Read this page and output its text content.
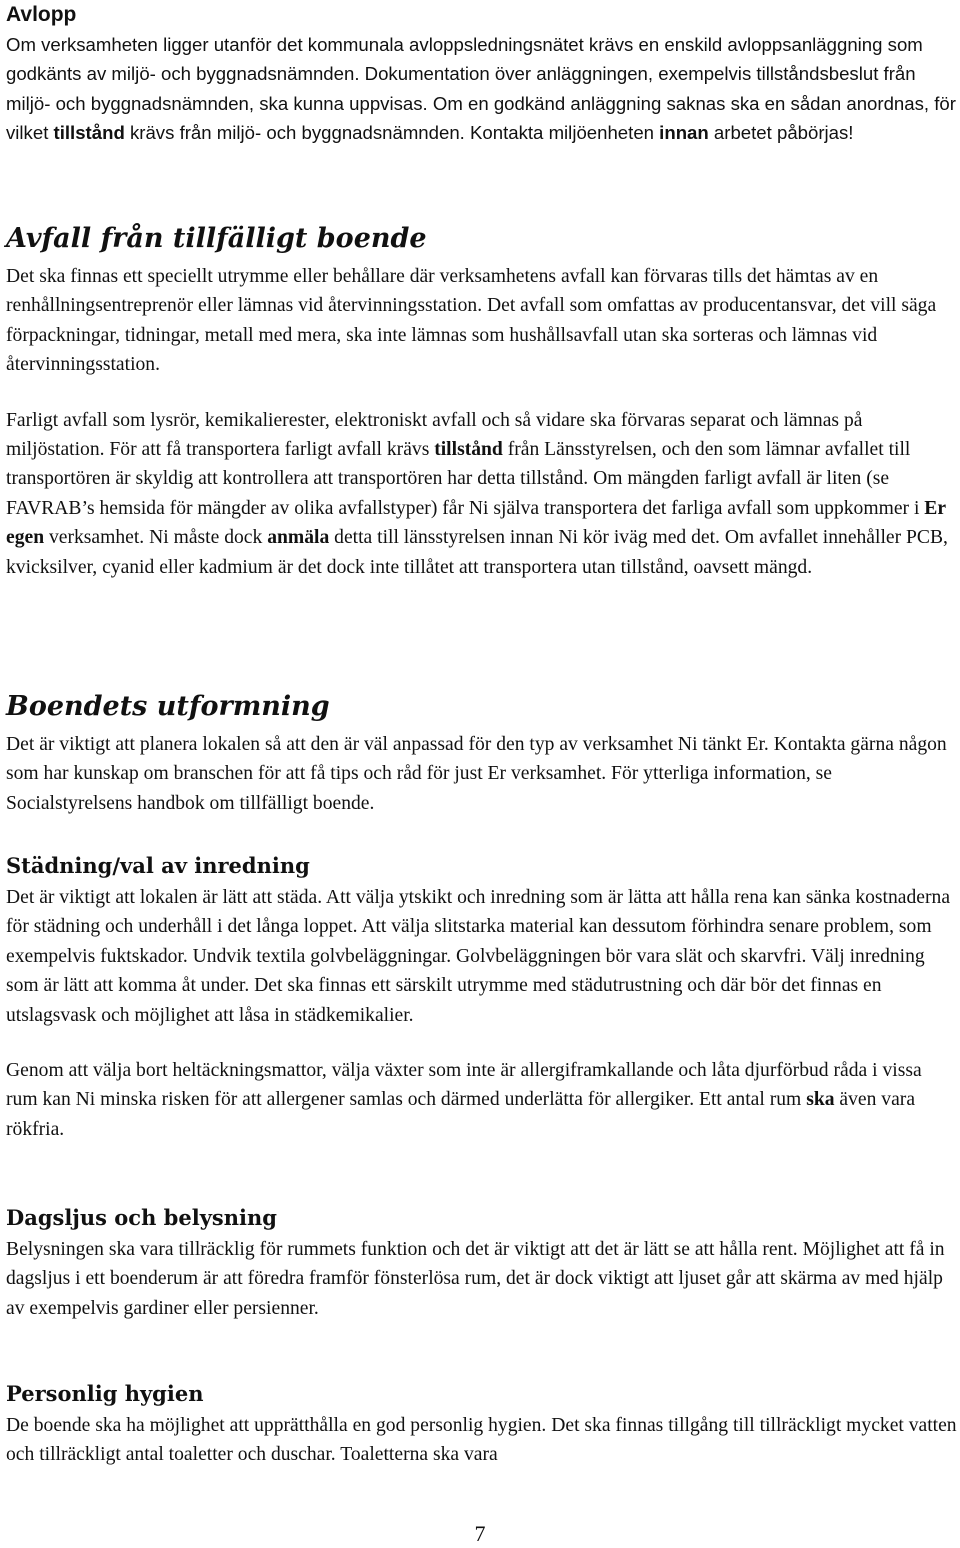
Avlopp

Om verksamheten ligger utanför det kommunala avloppsledningsnätet krävs en enskild avloppsanläggning som godkänts av miljö- och byggnadsnämnden. Dokumentation över anläggningen, exempelvis tillståndsbeslut från miljö- och byggnadsnämnden, ska kunna uppvisas. Om en godkänd anläggning saknas ska en sådan anordnas, för vilket tillstånd krävs från miljö- och byggnadsnämnden. Kontakta miljöenheten innan arbetet påbörjas!

Avfall från tillfälligt boende

Det ska finnas ett speciellt utrymme eller behållare där verksamhetens avfall kan förvaras tills det hämtas av en renhållningsentreprenör eller lämnas vid återvinningsstation. Det avfall som omfattas av producentansvar, det vill säga förpackningar, tidningar, metall med mera, ska inte lämnas som hushållsavfall utan ska sorteras och lämnas vid återvinningsstation.

Farligt avfall som lysrör, kemikalierester, elektroniskt avfall och så vidare ska förvaras separat och lämnas på miljöstation. För att få transportera farligt avfall krävs tillstånd från Länsstyrelsen, och den som lämnar avfallet till transportören är skyldig att kontrollera att transportören har detta tillstånd. Om mängden farligt avfall är liten (se FAVRAB’s hemsida för mängder av olika avfallstyper) får Ni själva transportera det farliga avfall som uppkommer i Er egen verksamhet. Ni måste dock anmäla detta till länsstyrelsen innan Ni kör iväg med det. Om avfallet innehåller PCB, kvicksilver, cyanid eller kadmium är det dock inte tillåtet att transportera utan tillstånd, oavsett mängd.

Boendets utformning

Det är viktigt att planera lokalen så att den är väl anpassad för den typ av verksamhet Ni tänkt Er. Kontakta gärna någon som har kunskap om branschen för att få tips och råd för just Er verksamhet. För ytterliga information, se Socialstyrelsens handbok om tillfälligt boende.

Städning/val av inredning

Det är viktigt att lokalen är lätt att städa. Att välja ytskikt och inredning som är lätta att hålla rena kan sänka kostnaderna för städning och underhåll i det långa loppet. Att välja slitstarka material kan dessutom förhindra senare problem, som exempelvis fuktskador. Undvik textila golvbeläggningar. Golvbeläggningen bör vara slät och skarvfri. Välj inredning som är lätt att komma åt under. Det ska finnas ett särskilt utrymme med städutrustning och där bör det finnas en utslagsvask och möjlighet att låsa in städkemikalier.

Genom att välja bort heltäckningsmattor, välja växter som inte är allergiframkallande och låta djurförbud råda i vissa rum kan Ni minska risken för att allergener samlas och därmed underlätta för allergiker. Ett antal rum ska även vara rökfria.

Dagsljus och belysning

Belysningen ska vara tillräcklig för rummets funktion och det är viktigt att det är lätt se att hålla rent. Möjlighet att få in dagsljus i ett boenderum är att föredra framför fönsterlösa rum, det är dock viktigt att ljuset går att skärma av med hjälp av exempelvis gardiner eller persienner.

Personlig hygien

De boende ska ha möjlighet att upprätthålla en god personlig hygien. Det ska finnas tillgång till tillräckligt mycket vatten och tillräckligt antal toaletter och duschar. Toaletterna ska vara

7
